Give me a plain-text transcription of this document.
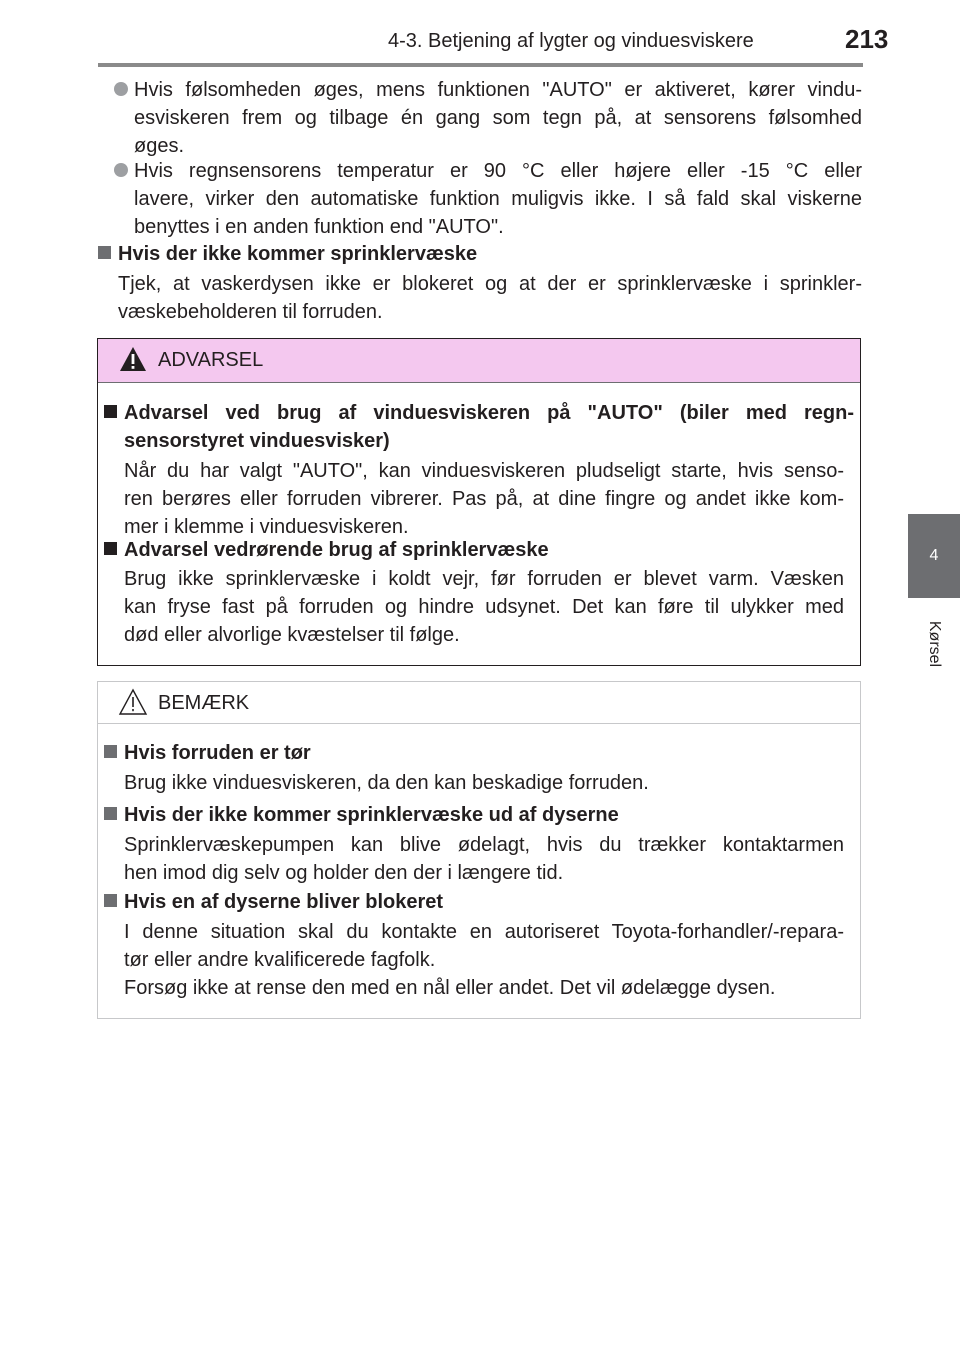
4-3. Betjening af lygter og vinduesviskere	213
4
Kørsel
Hvis følsomheden øges, mens funktionen "AUTO" er aktiveret, kører vindu-
esviskeren frem og tilbage én gang som tegn på, at sensorens følsomhed
øges.
Hvis regnsensorens temperatur er 90 °C eller højere eller -15 °C eller
lavere, virker den automatiske funktion muligvis ikke. I så fald skal viskerne
benyttes i en anden funktion end "AUTO".
Hvis der ikke kommer sprinklervæske
Tjek, at vaskerdysen ikke er blokeret og at der er sprinklervæske i sprinkler-
væskebeholderen til forruden.
ADVARSEL
Advarsel ved brug af vinduesviskeren på "AUTO" (biler med regn-
sensorstyret vinduesvisker)
Når du har valgt "AUTO", kan vinduesviskeren pludseligt starte, hvis senso-
ren berøres eller forruden vibrerer. Pas på, at dine fingre og andet ikke kom-
mer i klemme i vinduesviskeren.
Advarsel vedrørende brug af sprinklervæske
Brug ikke sprinklervæske i koldt vejr, før forruden er blevet varm. Væsken
kan fryse fast på forruden og hindre udsynet. Det kan føre til ulykker med
død eller alvorlige kvæstelser til følge.
BEMÆRK
Hvis forruden er tør
Brug ikke vinduesviskeren, da den kan beskadige forruden.
Hvis der ikke kommer sprinklervæske ud af dyserne
Sprinklervæskepumpen kan blive ødelagt, hvis du trækker kontaktarmen
hen imod dig selv og holder den der i længere tid.
Hvis en af dyserne bliver blokeret
I denne situation skal du kontakte en autoriseret Toyota-forhandler/-repara-
tør eller andre kvalificerede fagfolk.
Forsøg ikke at rense den med en nål eller andet. Det vil ødelægge dysen.
